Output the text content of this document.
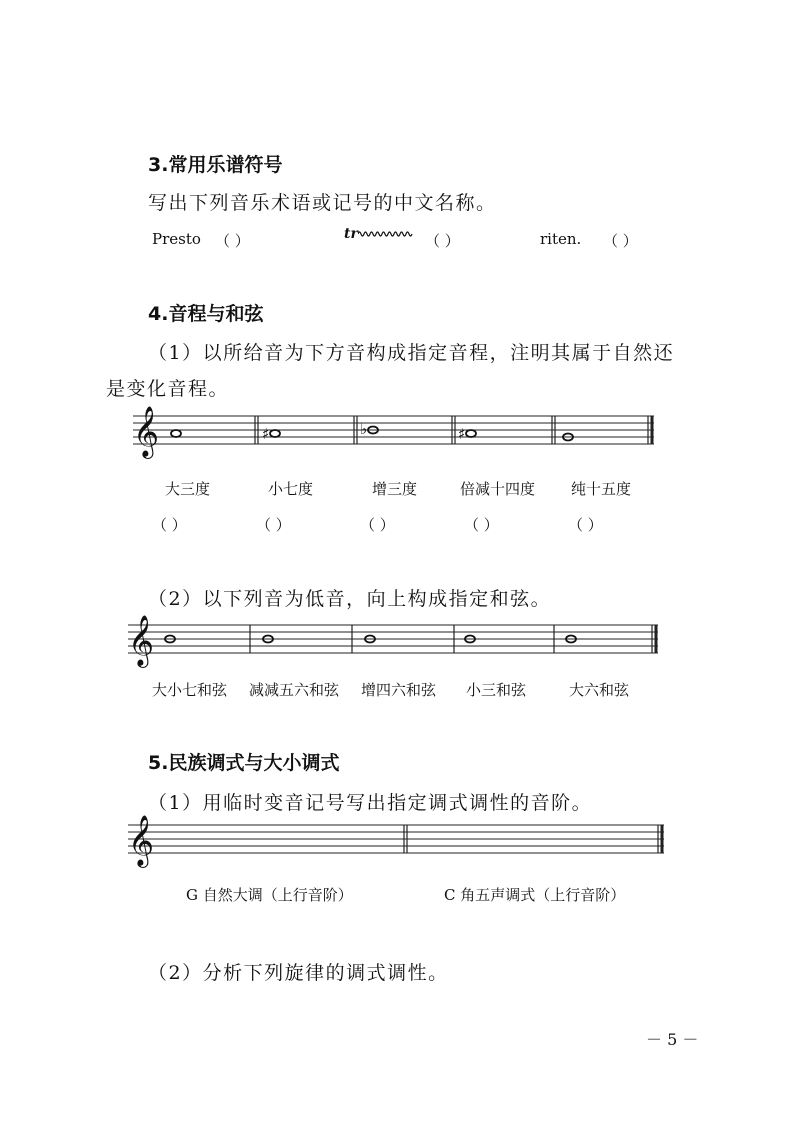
3.常用乐谱符号
写出下列音乐术语或记号的中文名称。
Presto （ ）	tr	（ ）	riten. （ ）
4.音程与和弦
（1）以所给音为下方音构成指定音程，注明其属于自然还
是变化音程。
𝄞	♯	♭	♯
大三度	小七度	增三度	倍减十四度 纯十五度
（ ）	（ ）	（ ）	（ ）	（ ）
（2）以下列音为低音，向上构成指定和弦。
𝄞
大小七和弦 减减五六和弦 增四六和弦 小三和弦	大六和弦
5.民族调式与大小调式
（1）用临时变音记号写出指定调式调性的音阶。
𝄞
G 自然大调（上行音阶）	C 角五声调式（上行音阶）
（2）分析下列旋律的调式调性。
－ 5 －
